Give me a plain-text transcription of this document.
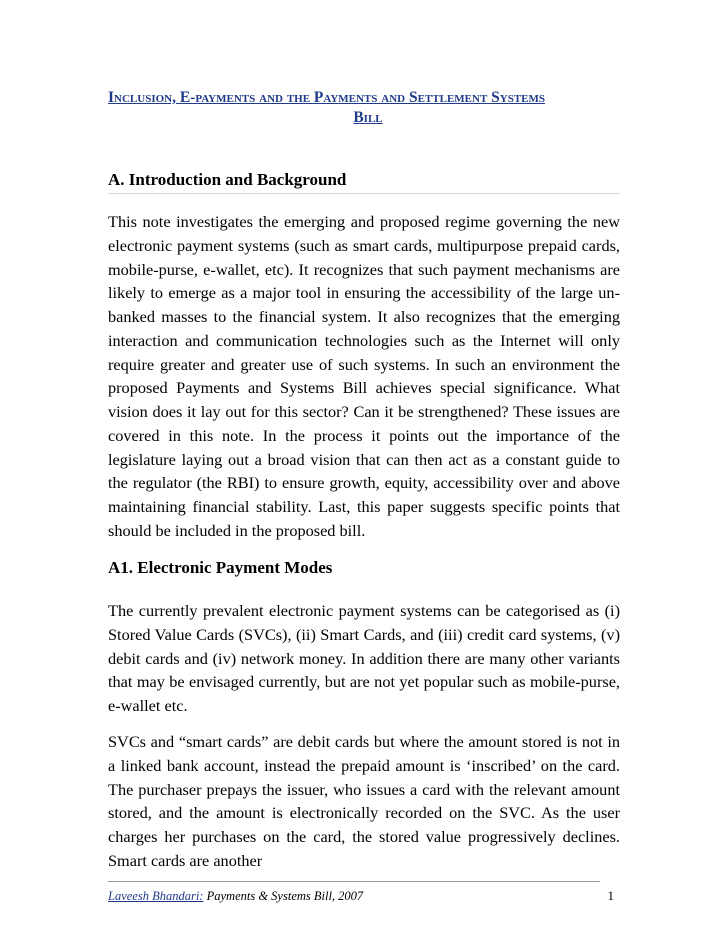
Inclusion, E-payments and the Payments and Settlement Systems
Bill
A. Introduction and Background

This note investigates the emerging and proposed regime governing the new electronic payment systems (such as smart cards, multipurpose prepaid cards, mobile-purse, e-wallet, etc). It recognizes that such payment mechanisms are likely to emerge as a major tool in ensuring the accessibility of the large un-banked masses to the financial system. It also recognizes that the emerging interaction and communication technologies such as the Internet will only require greater and greater use of such systems. In such an environment the proposed Payments and Systems Bill achieves special significance. What vision does it lay out for this sector? Can it be strengthened? These issues are covered in this note. In the process it points out the importance of the legislature laying out a broad vision that can then act as a constant guide to the regulator (the RBI) to ensure growth, equity, accessibility over and above maintaining financial stability. Last, this paper suggests specific points that should be included in the proposed bill.

A1. Electronic Payment Modes

The currently prevalent electronic payment systems can be categorised as (i) Stored Value Cards (SVCs), (ii) Smart Cards, and (iii) credit card systems, (v) debit cards and (iv) network money. In addition there are many other variants that may be envisaged currently, but are not yet popular such as mobile-purse, e-wallet etc.

SVCs and “smart cards” are debit cards but where the amount stored is not in a linked bank account, instead the prepaid amount is ‘inscribed’ on the card. The purchaser prepays the issuer, who issues a card with the relevant amount stored, and the amount is electronically recorded on the SVC. As the user charges her purchases on the card, the stored value progressively declines. Smart cards are another

Laveesh Bhandari: Payments & Systems Bill, 2007	1
